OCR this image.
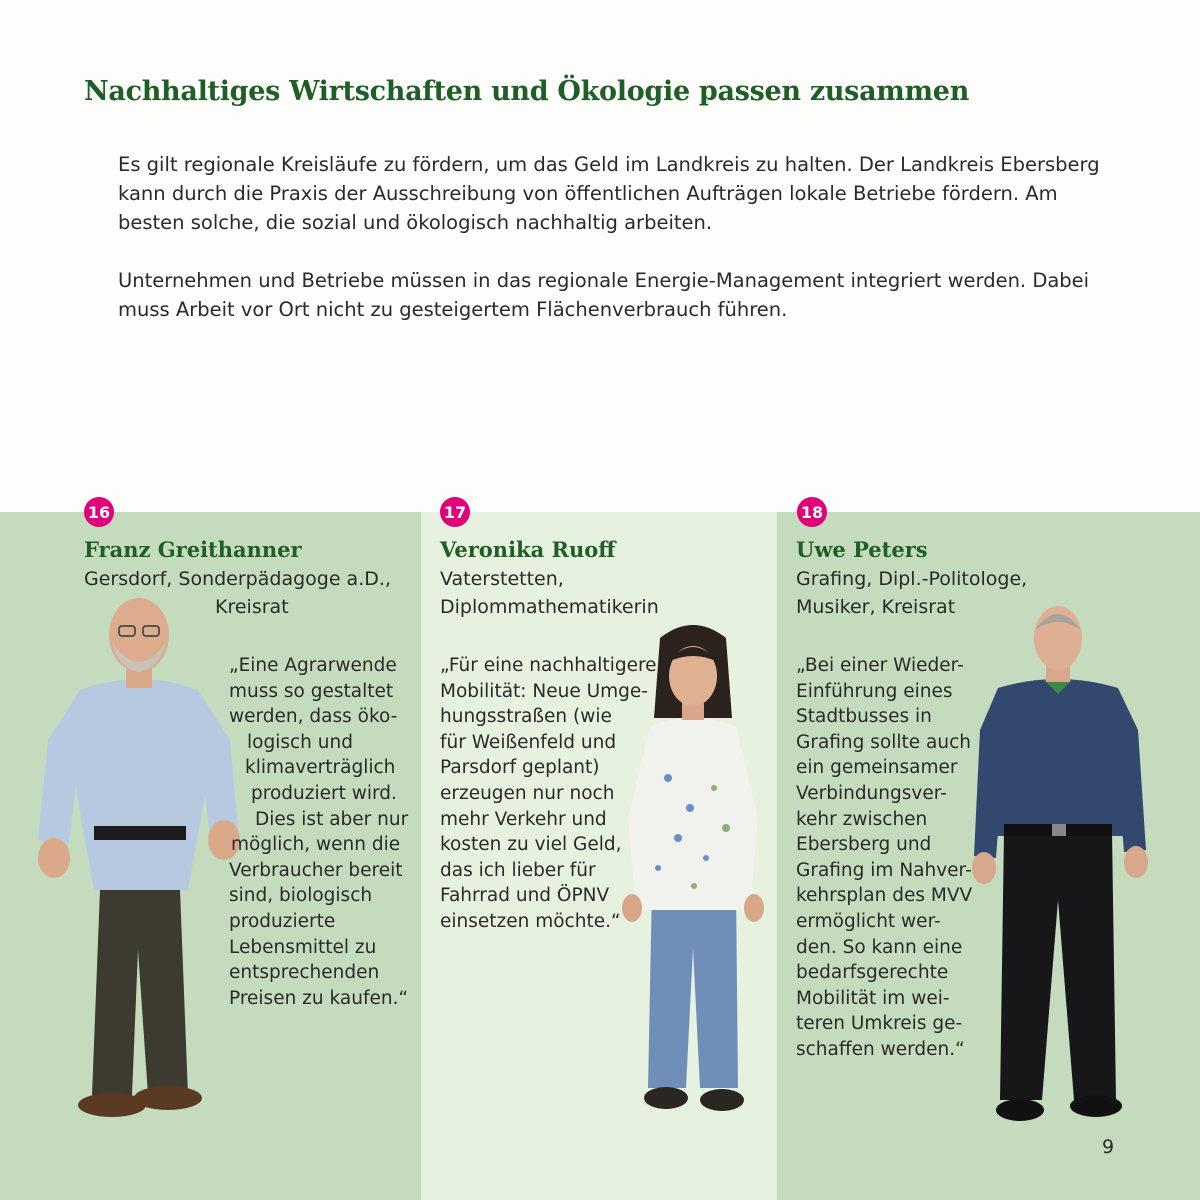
Nachhaltiges Wirtschaften und Ökologie passen zusammen

Es gilt regionale Kreisläufe zu fördern, um das Geld im Landkreis zu halten. Der Landkreis Ebersberg
kann durch die Praxis der Ausschreibung von öffentlichen Aufträgen lokale Betriebe fördern. Am
besten solche, die sozial und ökologisch nachhaltig arbeiten.

Unternehmen und Betriebe müssen in das regionale Energie-Management integriert werden. Dabei
muss Arbeit vor Ort nicht zu gesteigertem Flächenverbrauch führen.

16
Franz Greithanner
Gersdorf, Sonderpädagoge a.D.,
Kreisrat
„Eine Agrarwende
muss so gestaltet
werden, dass öko-
logisch und
klimaverträglich
produziert wird.
Dies ist aber nur
möglich, wenn die
Verbraucher bereit
sind, biologisch
produzierte
Lebensmittel zu
entsprechenden
Preisen zu kaufen.“
17
Veronika Ruoff
Vaterstetten,
Diplommathematikerin
„Für eine nachhaltigere
Mobilität: Neue Umge-
hungsstraßen (wie
für Weißenfeld und
Parsdorf geplant)
erzeugen nur noch
mehr Verkehr und
kosten zu viel Geld,
das ich lieber für
Fahrrad und ÖPNV
einsetzen möchte.“
18
Uwe Peters
Grafing, Dipl.-Politologe,
Musiker, Kreisrat
„Bei einer Wieder-
Einführung eines
Stadtbusses in
Grafing sollte auch
ein gemeinsamer
Verbindungsver-
kehr zwischen
Ebersberg und
Grafing im Nahver-
kehrsplan des MVV
ermöglicht wer-
den. So kann eine
bedarfsgerechte
Mobilität im wei-
teren Umkreis ge-
schaffen werden.“
9
